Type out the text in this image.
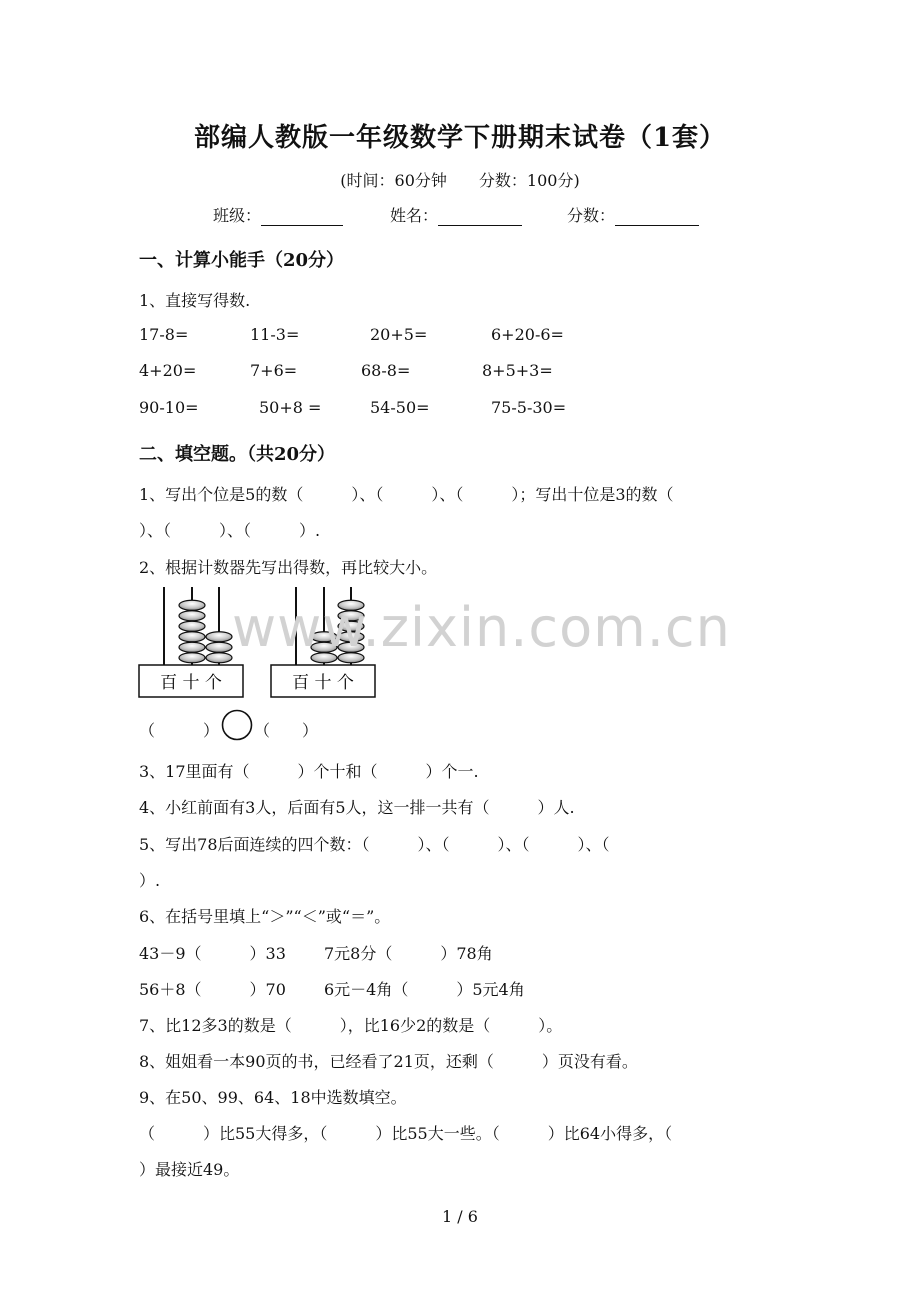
部编人教版一年级数学下册期末试卷（1套）
(时间：60分钟　　分数：100分)
班级：	姓名：	分数：
一、计算小能手（20分）
1、直接写得数.
17-8=	11-3=	20+5=	6+20-6=
4+20=	7+6=	68-8=	8+5+3=
90-10=	50+8 =	54-50=	75-5-30=
二、填空题。（共20分）
1、写出个位是5的数（　　　）、（　　　）、（　　　）；写出十位是3的数（
）、（　　　）、（　　　）.
2、根据计数器先写出得数，再比较大小。
百 十 个	百 十 个
（　　　） （　　）
3、17里面有（　　　）个十和（　　　）个一.
4、小红前面有3人，后面有5人，这一排一共有（　　　）人.
5、写出78后面连续的四个数：（　　　）、（　　　）、（　　　）、（
）.
6、在括号里填上“＞”“＜”或“＝”。
43－9（　　　）33 7元8分（　　　）78角
56＋8（　　　）70 6元－4角（　　　）5元4角
7、比12多3的数是（　　　），比16少2的数是（　　　）。
8、姐姐看一本90页的书，已经看了21页，还剩（　　　）页没有看。
9、在50、99、64、18中选数填空。
（　　　）比55大得多，（　　　）比55大一些。（　　　）比64小得多，（
）最接近49。
www.zixin.com.cn
1 / 6
